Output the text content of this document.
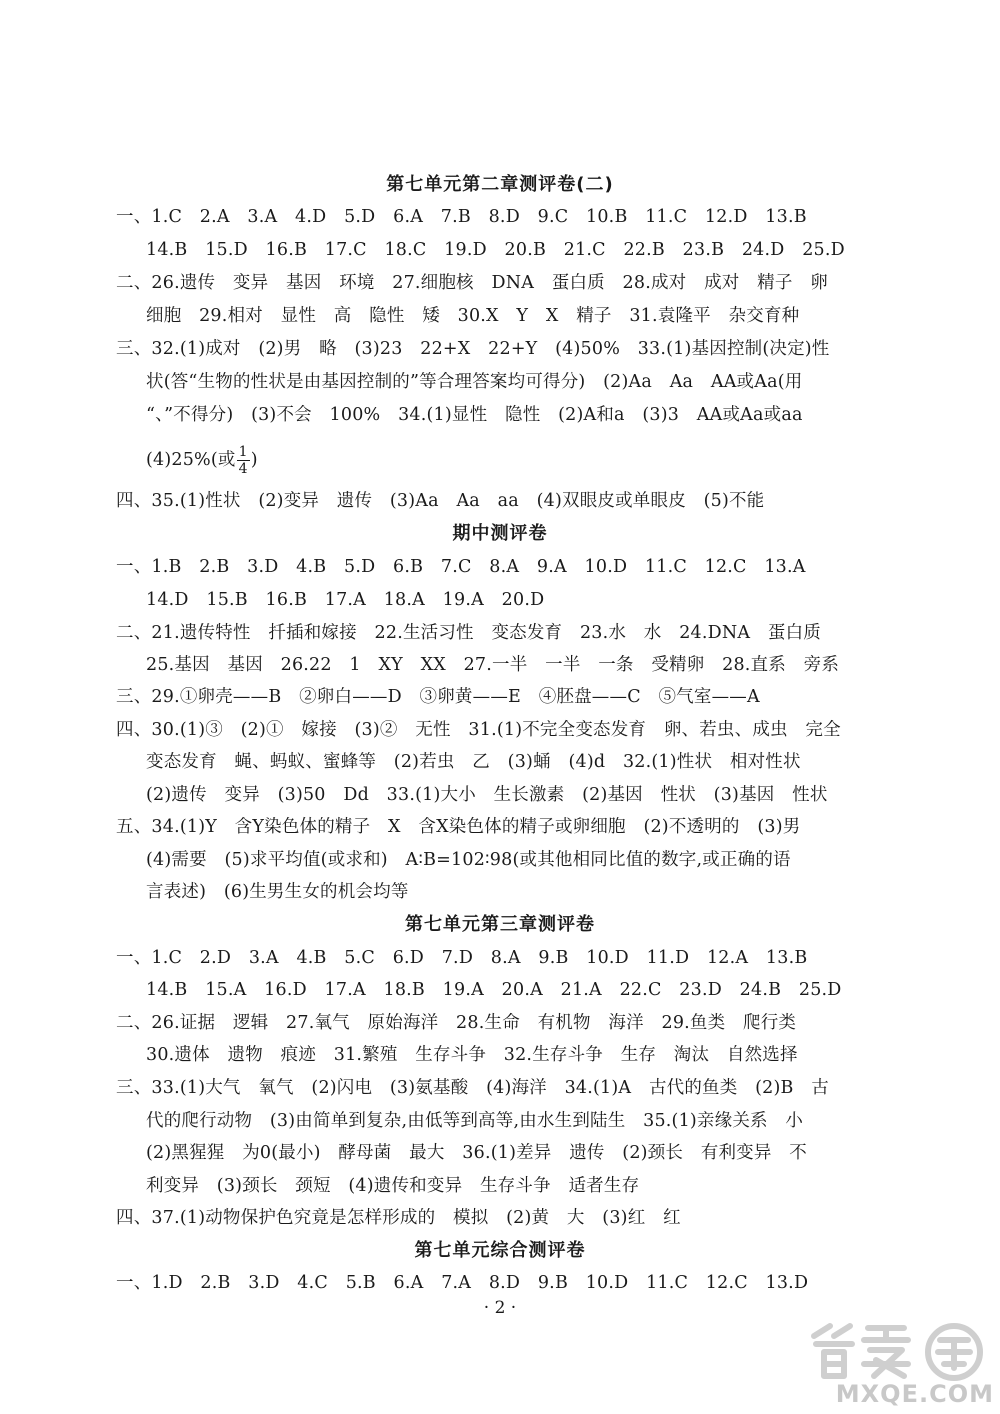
第七单元第二章测评卷(二)
一、1.C　2.A　3.A　4.D　5.D　6.A　7.B　8.D　9.C　10.B　11.C　12.D　13.B
14.B　15.D　16.B　17.C　18.C　19.D　20.B　21.C　22.B　23.B　24.D　25.D
二、26.遗传　变异　基因　环境　27.细胞核　DNA　蛋白质　28.成对　成对　精子　卵
细胞　29.相对　显性　高　隐性　矮　30.X　Y　X　精子　31.袁隆平　杂交育种
三、32.(1)成对　(2)男　略　(3)23　22+X　22+Y　(4)50%　33.(1)基因控制(决定)性
状(答“生物的性状是由基因控制的”等合理答案均可得分)　(2)Aa　Aa　AA或Aa(用
“、”不得分)　(3)不会　100%　34.(1)显性　隐性　(2)A和a　(3)3　AA或Aa或aa
(4)25%(或 $\frac{1}{4}$ )
四、35.(1)性状　(2)变异　遗传　(3)Aa　Aa　aa　(4)双眼皮或单眼皮　(5)不能
期中测评卷
一、1.B　2.B　3.D　4.B　5.D　6.B　7.C　8.A　9.A　10.D　11.C　12.C　13.A
14.D　15.B　16.B　17.A　18.A　19.A　20.D
二、21.遗传特性　扦插和嫁接　22.生活习性　变态发育　23.水　水　24.DNA　蛋白质
25.基因　基因　26.22　1　XY　XX　27.一半　一半　一条　受精卵　28.直系　旁系
三、29.①卵壳——B　②卵白——D　③卵黄——E　④胚盘——C　⑤气室——A
四、30.(1)③　(2)①　嫁接　(3)②　无性　31.(1)不完全变态发育　卵、若虫、成虫　完全
变态发育　蝇、蚂蚁、蜜蜂等　(2)若虫　乙　(3)蛹　(4)d　32.(1)性状　相对性状
(2)遗传　变异　(3)50　Dd　33.(1)大小　生长激素　(2)基因　性状　(3)基因　性状
五、34.(1)Y　含Y染色体的精子　X　含X染色体的精子或卵细胞　(2)不透明的　(3)男
(4)需要　(5)求平均值(或求和)　A∶B=102∶98(或其他相同比值的数字,或正确的语
言表述)　(6)生男生女的机会均等
第七单元第三章测评卷
一、1.C　2.D　3.A　4.B　5.C　6.D　7.D　8.A　9.B　10.D　11.D　12.A　13.B
14.B　15.A　16.D　17.A　18.B　19.A　20.A　21.A　22.C　23.D　24.B　25.D
二、26.证据　逻辑　27.氧气　原始海洋　28.生命　有机物　海洋　29.鱼类　爬行类
30.遗体　遗物　痕迹　31.繁殖　生存斗争　32.生存斗争　生存　淘汰　自然选择
三、33.(1)大气　氧气　(2)闪电　(3)氨基酸　(4)海洋　34.(1)A　古代的鱼类　(2)B　古
代的爬行动物　(3)由简单到复杂,由低等到高等,由水生到陆生　35.(1)亲缘关系　小
(2)黑猩猩　为0(最小)　酵母菌　最大　36.(1)差异　遗传　(2)颈长　有利变异　不
利变异　(3)颈长　颈短　(4)遗传和变异　生存斗争　适者生存
四、37.(1)动物保护色究竟是怎样形成的　模拟　(2)黄　大　(3)红　红
第七单元综合测评卷
一、1.D　2.B　3.D　4.C　5.B　6.A　7.A　8.D　9.B　10.D　11.C　12.C　13.D
· 2 ·
MXQE.COM
